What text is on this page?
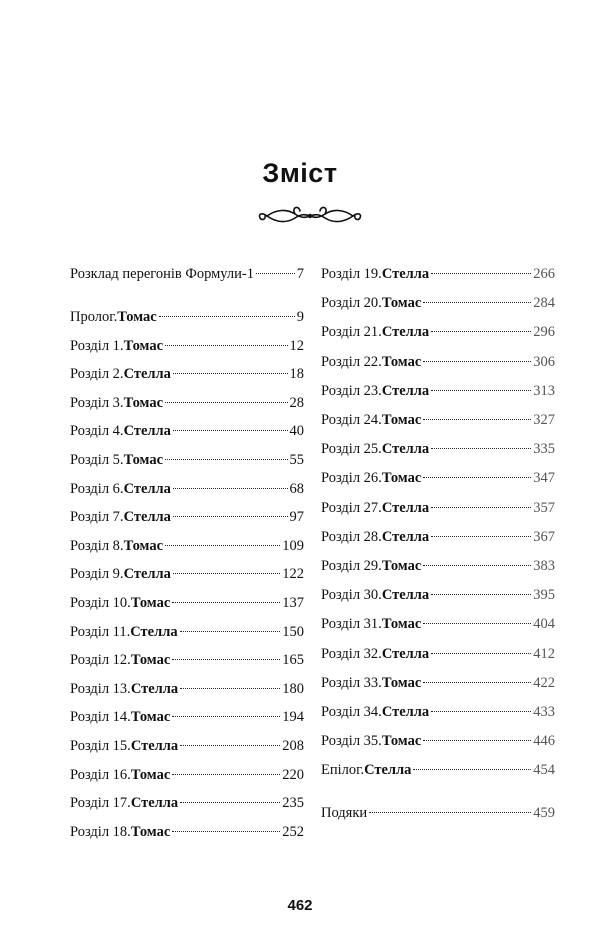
Зміст
Розклад перегонів Формули-1	7
Пролог. Томас	9
Розділ 1. Томас	12
Розділ 2. Стелла	18
Розділ 3. Томас	28
Розділ 4. Стелла	40
Розділ 5. Томас	55
Розділ 6. Стелла	68
Розділ 7. Стелла	97
Розділ 8. Томас	109
Розділ 9. Стелла	122
Розділ 10. Томас	137
Розділ 11. Стелла	150
Розділ 12. Томас	165
Розділ 13. Стелла	180
Розділ 14. Томас	194
Розділ 15. Стелла	208
Розділ 16. Томас	220
Розділ 17. Стелла	235
Розділ 18. Томас	252
Розділ 19. Стелла	266
Розділ 20. Томас	284
Розділ 21. Стелла	296
Розділ 22. Томас	306
Розділ 23. Стелла	313
Розділ 24. Томас	327
Розділ 25. Стелла	335
Розділ 26. Томас	347
Розділ 27. Стелла	357
Розділ 28. Стелла	367
Розділ 29. Томас	383
Розділ 30. Стелла	395
Розділ 31. Томас	404
Розділ 32. Стелла	412
Розділ 33. Томас	422
Розділ 34. Стелла	433
Розділ 35. Томас	446
Епілог. Стелла	454
Подяки	459
462
